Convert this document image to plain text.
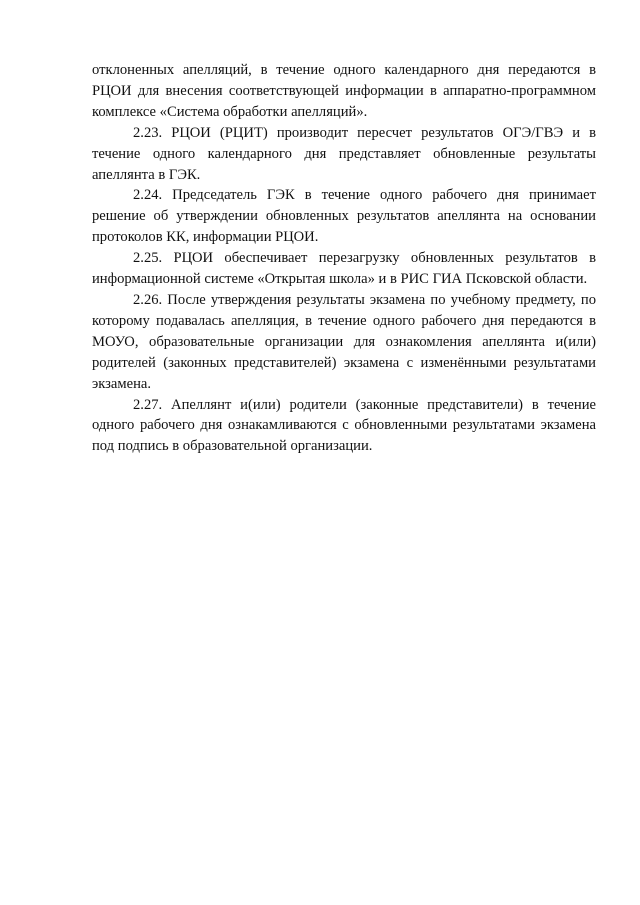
отклоненных апелляций, в течение одного календарного дня передаются в РЦОИ для внесения соответствующей информации в аппаратно-программном комплексе «Система обработки апелляций».

2.23. РЦОИ (РЦИТ) производит пересчет результатов ОГЭ/ГВЭ и в течение одного календарного дня представляет обновленные результаты апеллянта в ГЭК.

2.24. Председатель ГЭК в течение одного рабочего дня принимает решение об утверждении обновленных результатов апеллянта на основании протоколов КК, информации РЦОИ.

2.25. РЦОИ обеспечивает перезагрузку обновленных результатов в информационной системе «Открытая школа» и в РИС ГИА Псковской области.

2.26. После утверждения результаты экзамена по учебному предмету, по которому подавалась апелляция, в течение одного рабочего дня передаются в МОУО, образовательные организации для ознакомления апеллянта и(или) родителей (законных представителей) экзамена с изменёнными результатами экзамена.

2.27. Апеллянт и(или) родители (законные представители) в течение одного рабочего дня ознакамливаются с обновленными результатами экзамена под подпись в образовательной организации.
